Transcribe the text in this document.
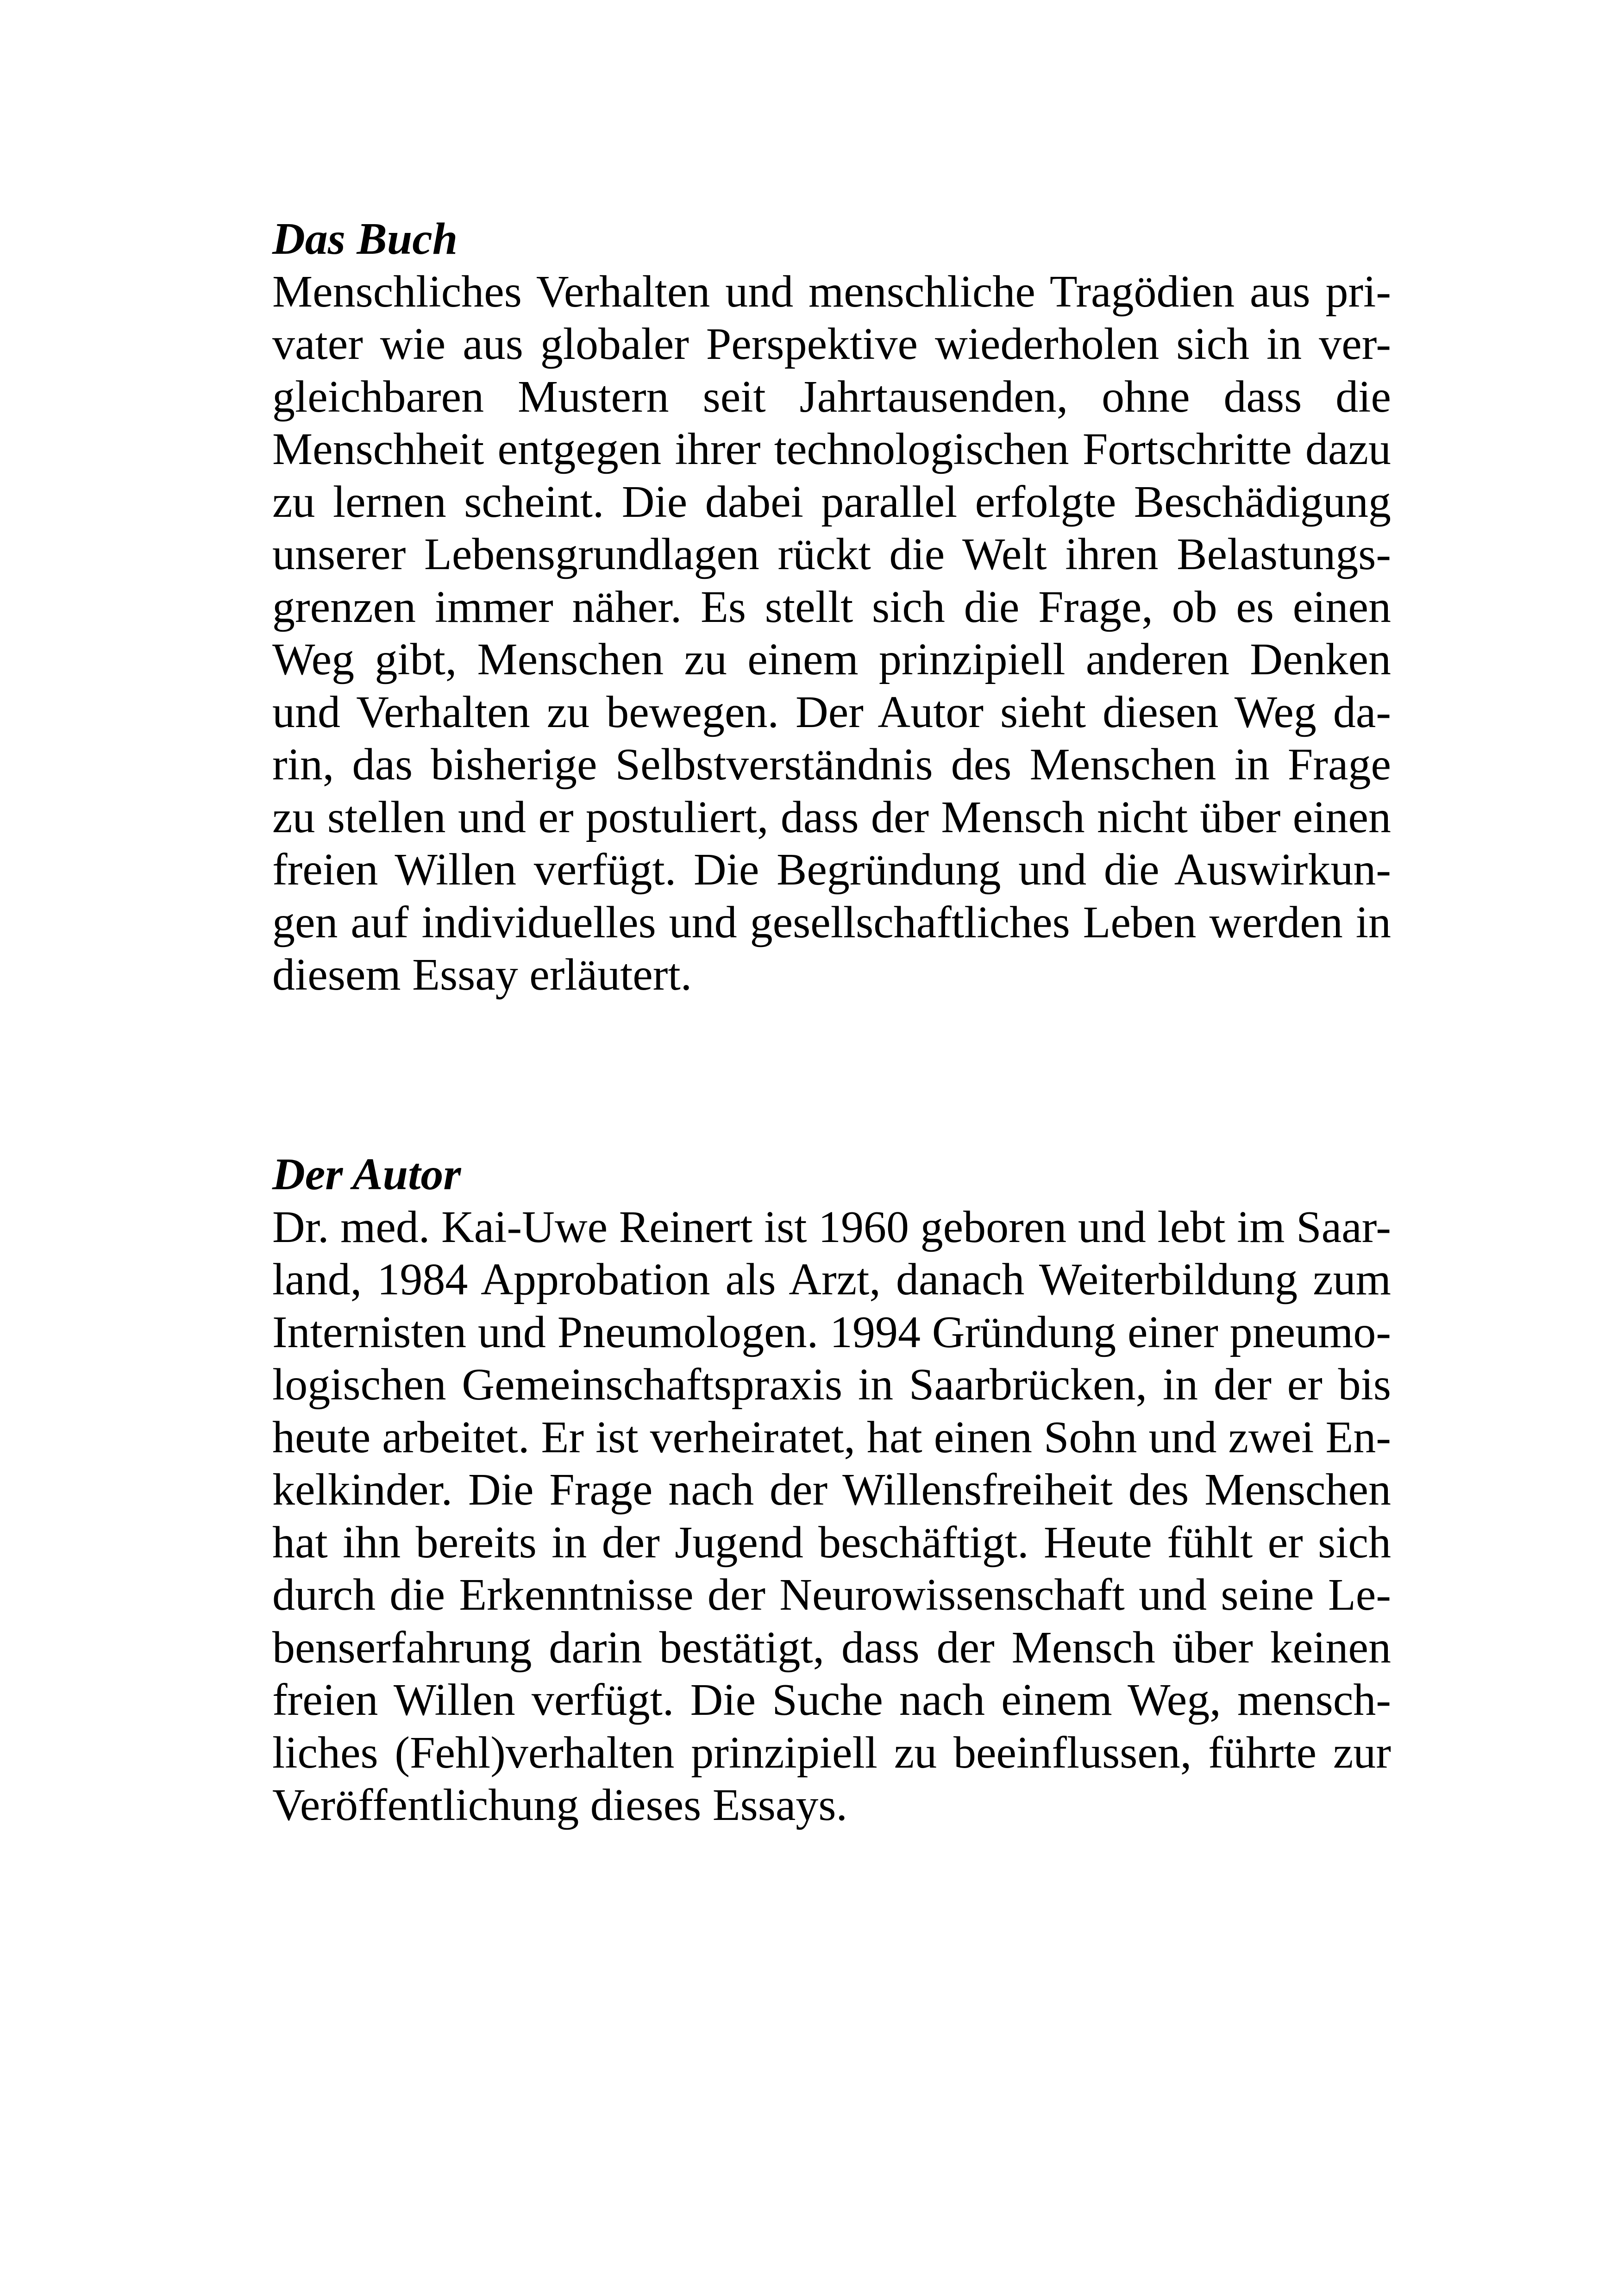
Das Buch
Menschliches Verhalten und menschliche Tragödien aus pri-
vater wie aus globaler Perspektive wiederholen sich in ver-
gleichbaren Mustern seit Jahrtausenden, ohne dass die
Menschheit entgegen ihrer technologischen Fortschritte dazu
zu lernen scheint. Die dabei parallel erfolgte Beschädigung
unserer Lebensgrundlagen rückt die Welt ihren Belastungs-
grenzen immer näher. Es stellt sich die Frage, ob es einen
Weg gibt, Menschen zu einem prinzipiell anderen Denken
und Verhalten zu bewegen. Der Autor sieht diesen Weg da-
rin, das bisherige Selbstverständnis des Menschen in Frage
zu stellen und er postuliert, dass der Mensch nicht über einen
freien Willen verfügt. Die Begründung und die Auswirkun-
gen auf individuelles und gesellschaftliches Leben werden in
diesem Essay erläutert.
Der Autor
Dr. med. Kai-Uwe Reinert ist 1960 geboren und lebt im Saar-
land, 1984 Approbation als Arzt, danach Weiterbildung zum
Internisten und Pneumologen. 1994 Gründung einer pneumo-
logischen Gemeinschaftspraxis in Saarbrücken, in der er bis
heute arbeitet. Er ist verheiratet, hat einen Sohn und zwei En-
kelkinder. Die Frage nach der Willensfreiheit des Menschen
hat ihn bereits in der Jugend beschäftigt. Heute fühlt er sich
durch die Erkenntnisse der Neurowissenschaft und seine Le-
benserfahrung darin bestätigt, dass der Mensch über keinen
freien Willen verfügt. Die Suche nach einem Weg, mensch-
liches (Fehl)verhalten prinzipiell zu beeinflussen, führte zur
Veröffentlichung dieses Essays.
